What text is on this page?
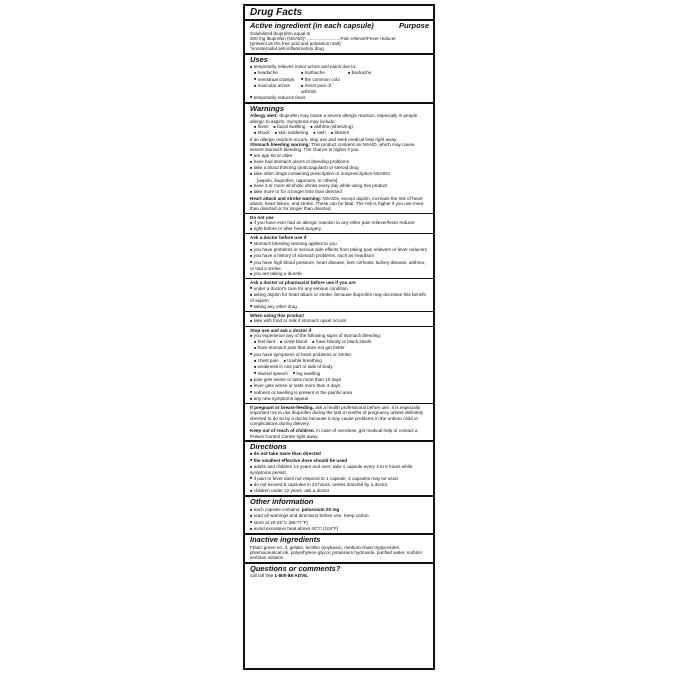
Drug Facts
Active ingredient (in each capsule)	Purpose
Solubilized ibuprofen equal to
200 mg ibuprofen (NSAID)*...........................Pain reliever/Fever reducer
(present as the free acid and potassium salt)
*nonsteroidal anti-inflammatory drug
Uses
■ temporarily relieves minor aches and pains due to:
■ headache	■ toothache	■ backache
■ menstrual cramps	■ the common cold
■ muscular aches	■ minor pain of arthritis
■ temporarily reduces fever
Warnings
Allergy alert: Ibuprofen may cause a severe allergic reaction, especially in people allergic to aspirin. Symptoms may include:
■ hives	■ facial swelling	■ asthma (wheezing)
■ shock	■ skin reddening	■ rash	■ blisters
If an allergic reaction occurs, stop use and seek medical help right away.
Stomach bleeding warning: This product contains an NSAID, which may cause severe stomach bleeding. The chance is higher if you
■ are age 60 or older
■ have had stomach ulcers or bleeding problems
■ take a blood thinning (anticoagulant) or steroid drug
■ take other drugs containing prescription or nonprescription NSAIDs
[aspirin, ibuprofen, naproxen, or others]
■ have 3 or more alcoholic drinks every day while using this product
■ take more or for a longer time than directed
Heart attack and stroke warning: NSAIDs, except aspirin, increase the risk of heart attack, heart failure, and stroke. These can be fatal. The risk is higher if you use more than directed or for longer than directed.
Do not use
■ if you have ever had an allergic reaction to any other pain reliever/fever reducer
■ right before or after heart surgery
Ask a doctor before use if
■ stomach bleeding warning applies to you
■ you have problems or serious side effects from taking pain relievers or fever reducers
■ you have a history of stomach problems, such as heartburn
■ you have high blood pressure, heart disease, liver cirrhosis, kidney disease, asthma, or had a stroke
■ you are taking a diuretic
Ask a doctor or pharmacist before use if you are
■ under a doctor's care for any serious condition
■ taking aspirin for heart attack or stroke, because ibuprofen may decrease this benefit of aspirin
■ taking any other drug
When using this product
■ take with food or milk if stomach upset occurs
Stop use and ask a doctor if
■ you experience any of the following signs of stomach bleeding:
■ feel faint	■ vomit blood	■ have bloody or black stools
■ have stomach pain that does not get better
■ you have symptoms of heart problems or stroke:
■ chest pain	■ trouble breathing
■ weakness in one part or side of body
■ slurred speech	■ leg swelling
■ pain gets worse or lasts more than 10 days
■ fever gets worse or lasts more than 3 days
■ redness or swelling is present in the painful area
■ any new symptoms appear
If pregnant or breast-feeding, ask a health professional before use. It is especially important not to use ibuprofen during the last 3 months of pregnancy unless definitely directed to do so by a doctor because it may cause problems in the unborn child or complications during delivery.
Keep out of reach of children. In case of overdose, get medical help or contact a Poison Control Center right away.
Directions
■ do not take more than directed
■ the smallest effective dose should be used
■ adults and children 12 years and over: take 1 capsule every 4 to 6 hours while symptoms persist
■ if pain or fever does not respond to 1 capsule, 2 capsules may be used
■ do not exceed 6 capsules in 24 hours, unless directed by a doctor
■ children under 12 years: ask a doctor
Other information
■ each capsule contains: potassium 20 mg
■ read all warnings and directions before use. Keep carton.
■ store at 20-25°C (68-77°F)
■ avoid excessive heat above 40°C (104°F)
Inactive ingredients
FD&C green no. 3, gelatin, lecithin (soybean), medium-chain triglycerides, pharmaceutical ink, polyethylene glycol, potassium hydroxide, purified water, sorbitol sorbitan solution
Questions or comments?
call toll free 1-800-88-ADVIL
